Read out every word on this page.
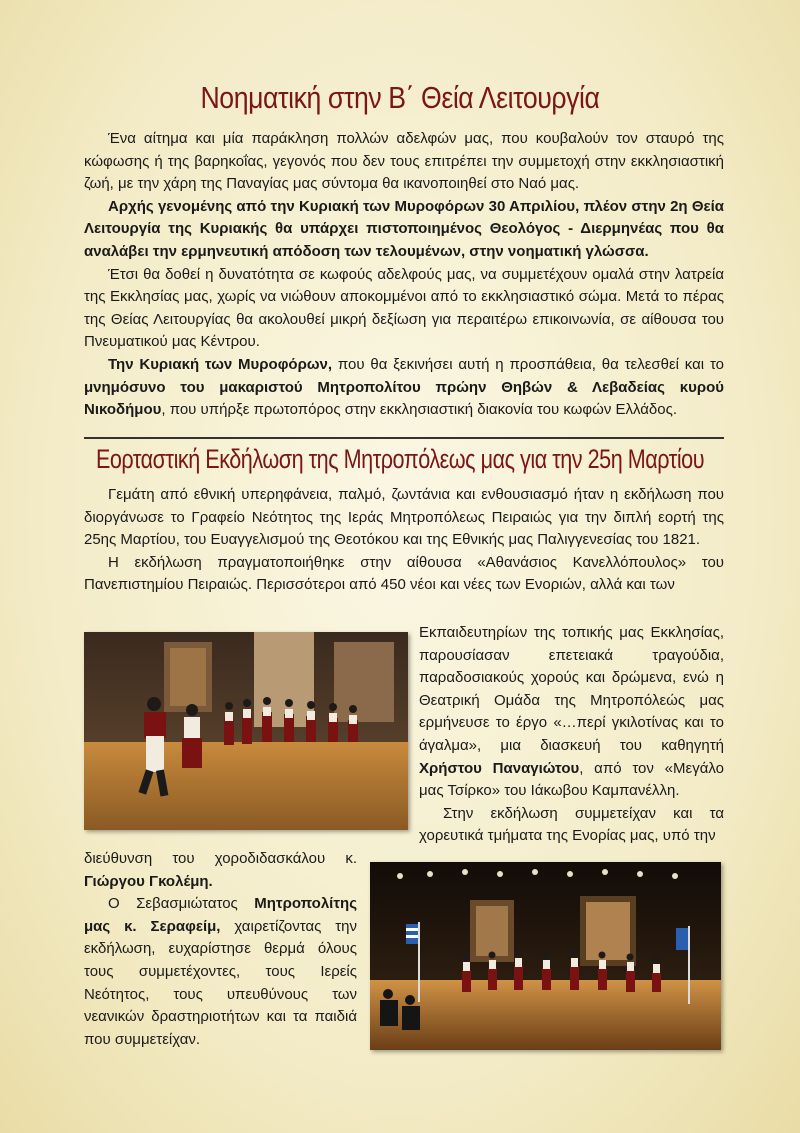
Νοηματική στην Β΄ Θεία Λειτουργία

Ένα αίτημα και μία παράκληση πολλών αδελφών μας, που κουβαλούν τον σταυρό της κώφωσης ή της βαρηκοΐας, γεγονός που δεν τους επιτρέπει την συμμετοχή στην εκκλησιαστική ζωή, με την χάρη της Παναγίας μας σύντομα θα ικανοποιηθεί στο Ναό μας.

Αρχής γενομένης από την Κυριακή των Μυροφόρων 30 Απριλίου, πλέον στην 2η Θεία Λειτουργία της Κυριακής θα υπάρχει πιστοποιημένος Θεολόγος - Διερμηνέας που θα αναλάβει την ερμηνευτική απόδοση των τελουμένων, στην νοηματική γλώσσα.

Έτσι θα δοθεί η δυνατότητα σε κωφούς αδελφούς μας, να συμμετέχουν ομαλά στην λατρεία της Εκκλησίας μας, χωρίς να νιώθουν αποκομμένοι από το εκκλησιαστικό σώμα. Μετά το πέρας της Θείας Λειτουργίας θα ακολουθεί μικρή δεξίωση για περαιτέρω επικοινωνία, σε αίθουσα του Πνευματικού μας Κέντρου.

Την Κυριακή των Μυροφόρων, που θα ξεκινήσει αυτή η προσπάθεια, θα τελεσθεί και το μνημόσυνο του μακαριστού Μητροπολίτου πρώην Θηβών & Λεβαδείας κυρού Νικοδήμου, που υπήρξε πρωτοπόρος στην εκκλησιαστική διακονία του κωφών Ελλάδος.

Εορταστική Εκδήλωση της Μητροπόλεως μας για την 25η Μαρτίου

Γεμάτη από εθνική υπερηφάνεια, παλμό, ζωντάνια και ενθουσιασμό ήταν η εκδήλωση που διοργάνωσε το Γραφείο Νεότητος της Ιεράς Μητροπόλεως Πειραιώς για την διπλή εορτή της 25ης Μαρτίου, του Ευαγγελισμού της Θεοτόκου και της Εθνικής μας Παλιγγενεσίας του 1821.

Η εκδήλωση πραγματοποιήθηκε στην αίθουσα «Αθανάσιος Κανελλόπουλος» του Πανεπιστημίου Πειραιώς. Περισσότεροι από 450 νέοι και νέες των Ενοριών, αλλά και των

Εκπαιδευτηρίων της τοπικής μας Εκκλησίας, παρουσίασαν επετειακά τραγούδια, παραδοσιακούς χορούς και δρώμενα, ενώ η Θεατρική Ομάδα της Μητροπόλεώς μας ερμήνευσε το έργο «…περί γκιλοτίνας και το άγαλμα», μια διασκευή του καθηγητή Χρήστου Παναγιώτου, από τον «Μεγάλο μας Τσίρκο» του Ιάκωβου Καμπανέλλη.

Στην εκδήλωση συμμετείχαν και τα χορευτικά τμήματα της Ενορίας μας, υπό την

διεύθυνση του χοροδιδασκάλου κ. Γιώργου Γκολέμη.

Ο Σεβασμιώτατος Μητροπολίτης μας κ. Σεραφείμ, χαιρετίζοντας την εκδήλωση, ευχαρίστησε θερμά όλους τους συμμετέχοντες, τους Ιερείς Νεότητος, τους υπευθύνους των νεανικών δραστηριοτήτων και τα παιδιά που συμμετείχαν.
